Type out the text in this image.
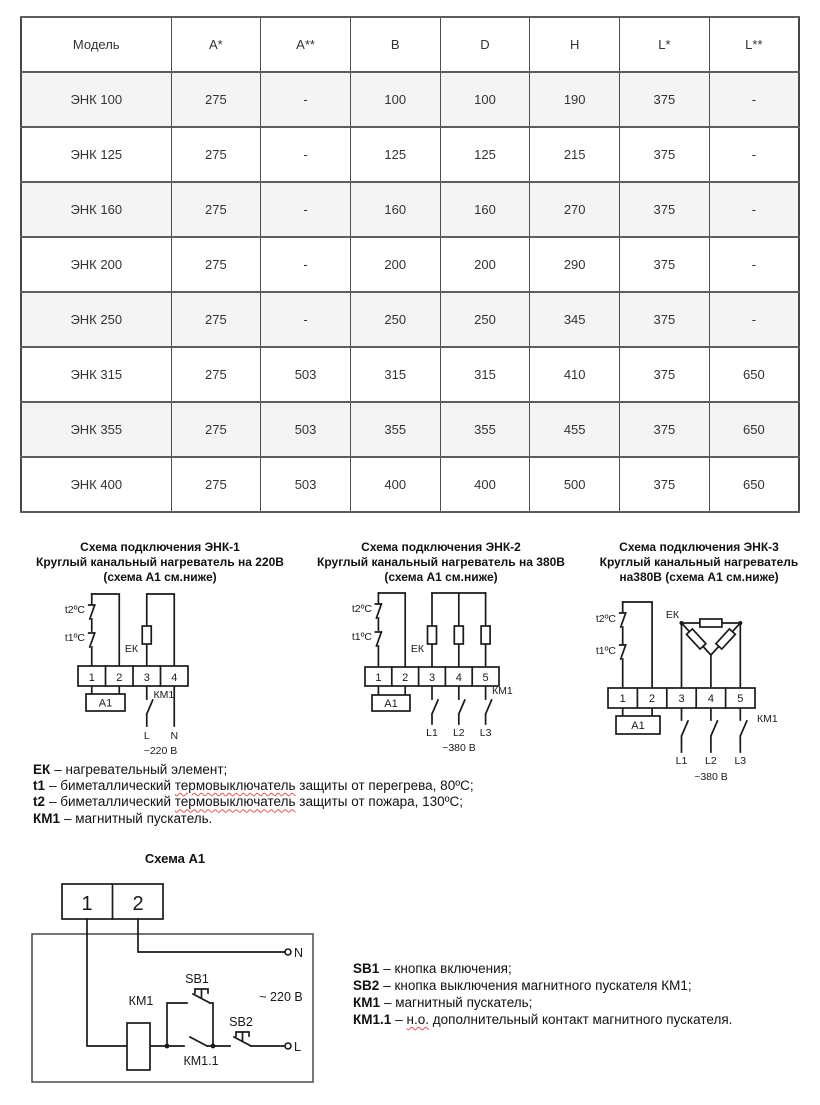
Модель	A*	A**	B	D	H	L*	L**
ЭНК 100	275	-	100	100	190	375	-
ЭНК 125	275	-	125	125	215	375	-
ЭНК 160	275	-	160	160	270	375	-
ЭНК 200	275	-	200	200	290	375	-
ЭНК 250	275	-	250	250	345	375	-
ЭНК 315	275	503	315	315	410	375	650
ЭНК 355	275	503	355	355	455	375	650
ЭНК 400	275	503	400	400	500	375	650
Схема подключения ЭНК-1
Круглый канальный нагреватель на 220В
(схема А1 см.ниже)
Схема подключения ЭНК-2
Круглый канальный нагреватель на 380В
(схема А1 см.ниже)
Схема подключения ЭНК-3
Круглый канальный нагреватель
на380В (схема А1 см.ниже)
1 2 3 4
А1
t2ºC
t1ºC
ЕК
КМ1
L N
~220 В
1 2 3 4 5
А1
t2ºC
t1ºC
ЕК
КМ1
L1 L2 L3
~380 В
1 2 3 4 5
А1
t2ºC
t1ºC
ЕК
КМ1
L1 L2 L3
~380 В
ЕК – нагревательный элемент;
t1 – биметаллический термовыключатель защиты от перегрева, 80ºС;
t2 – биметаллический термовыключатель защиты от пожара, 130ºС;
КМ1 – магнитный пускатель.
Схема А1
1 2
N
L
КМ1
SB1
SB2
КМ1.1
~ 220 В
SB1 – кнопка включения;
SB2 – кнопка выключения магнитного пускателя КМ1;
КМ1 – магнитный пускатель;
КМ1.1 – н.о. дополнительный контакт магнитного пускателя.
